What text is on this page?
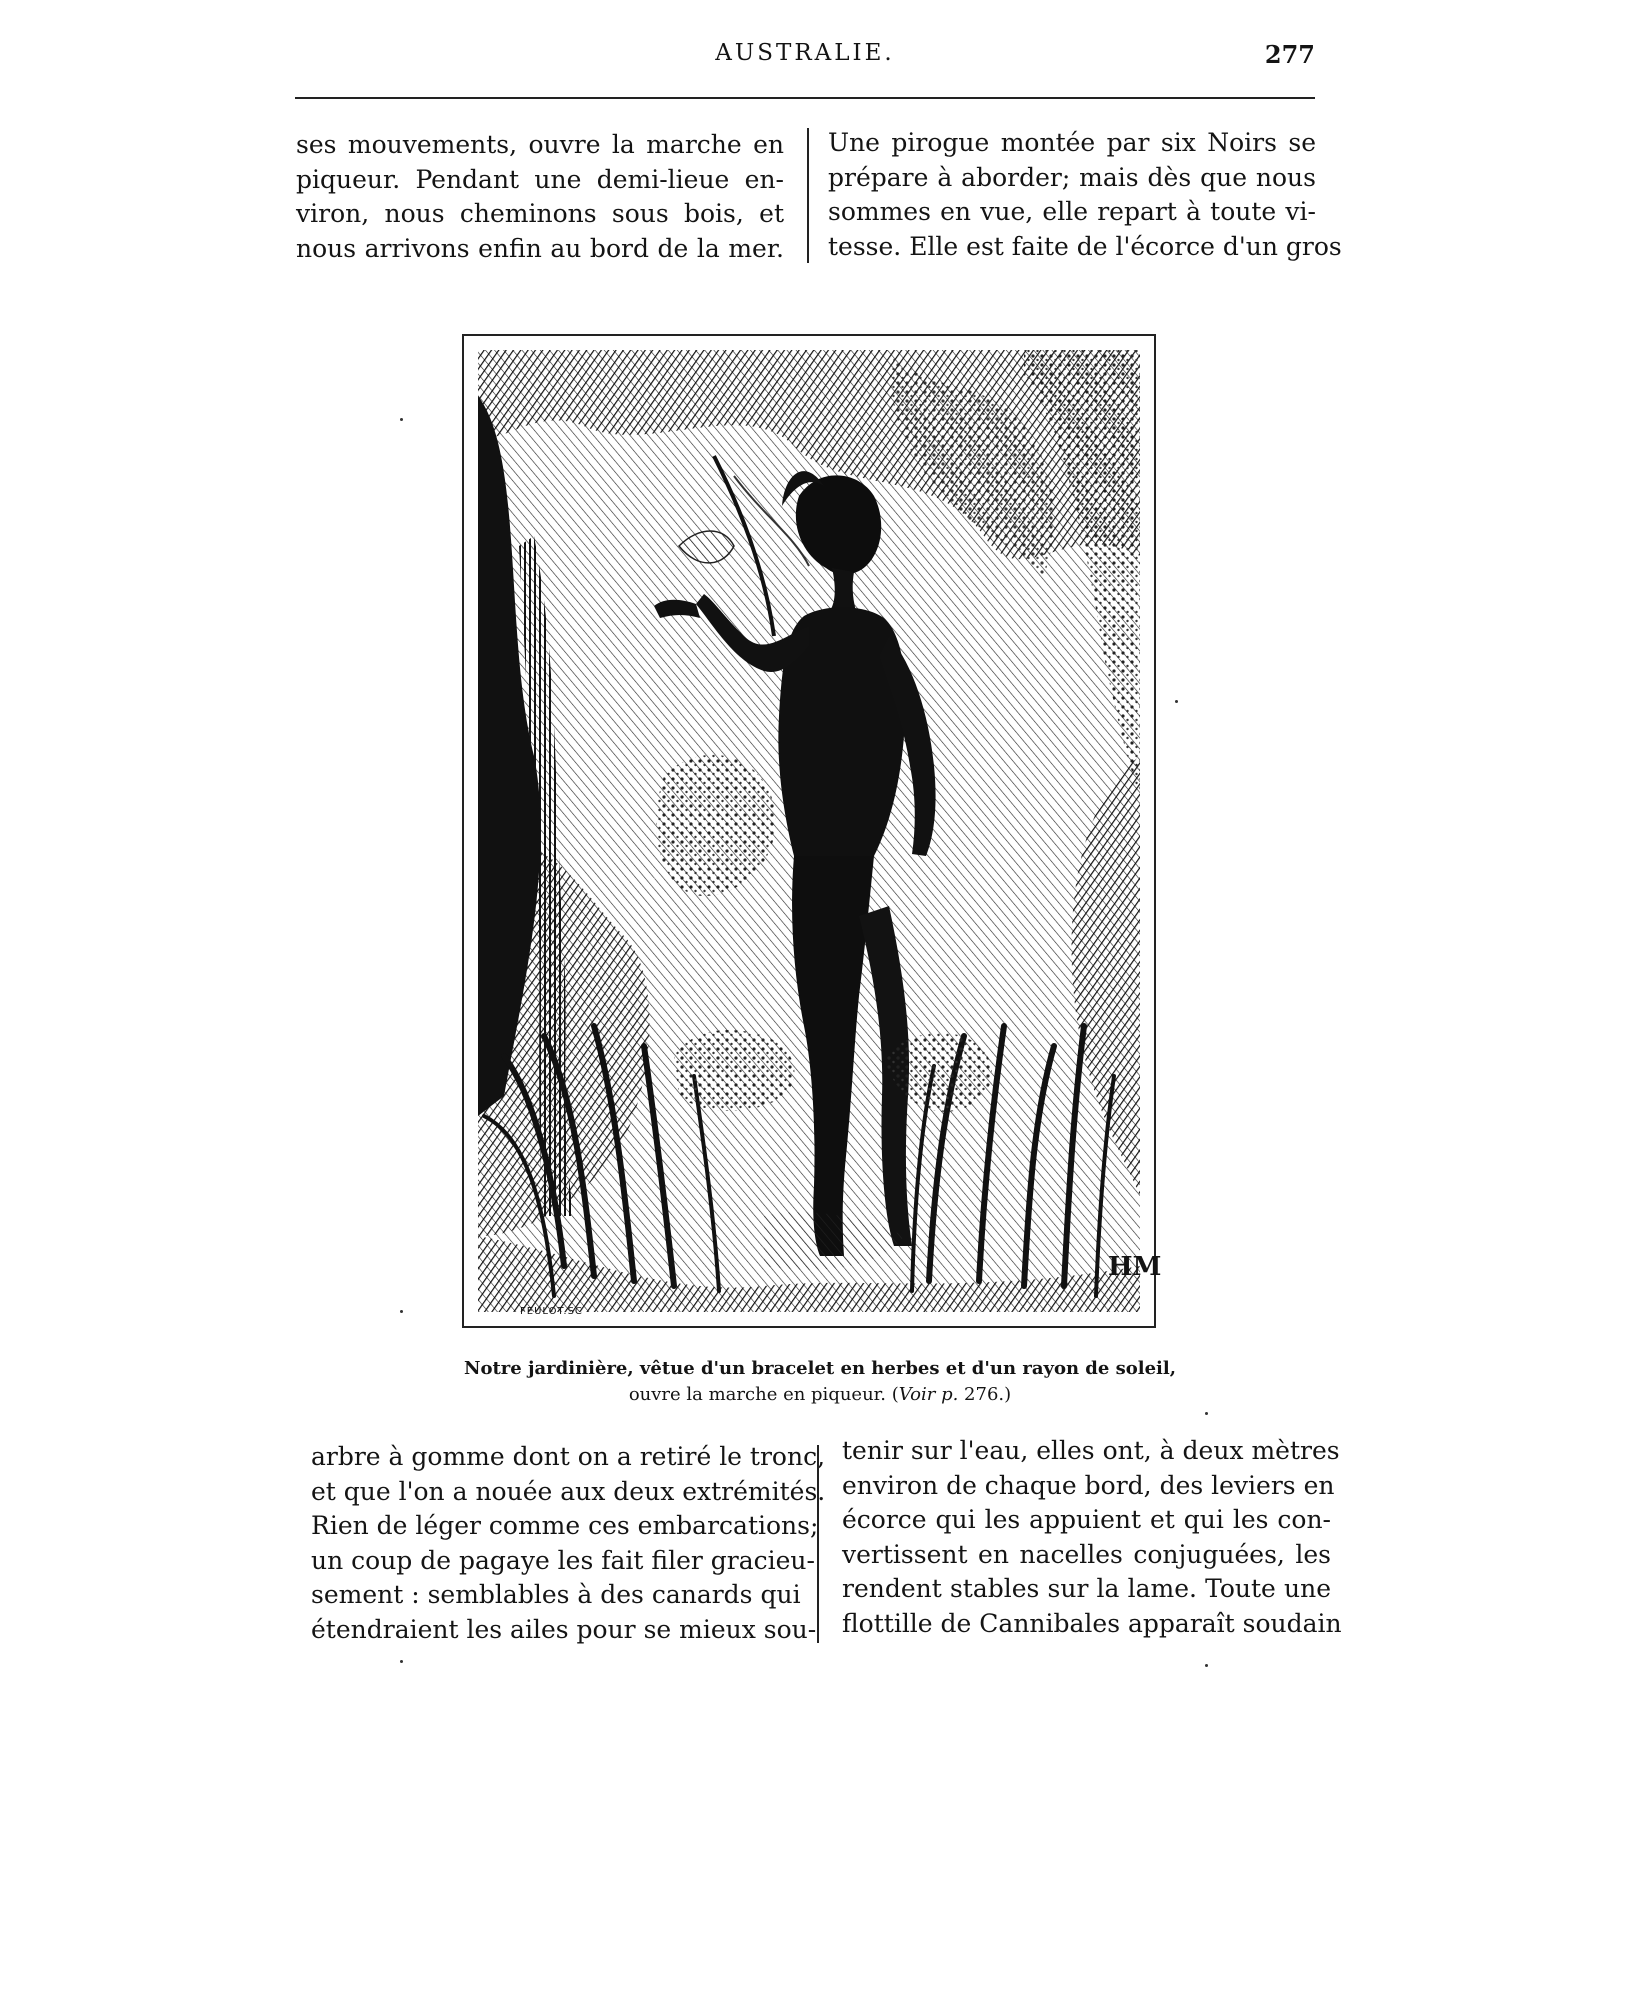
AUSTRALIE.	277
ses mouvements, ouvre la marche en
piqueur. Pendant une demi-lieue en-
viron, nous cheminons sous bois, et
nous arrivons enfin au bord de la mer.
Une pirogue montée par six Noirs se
prépare à aborder; mais dès que nous
sommes en vue, elle repart à toute vi-
tesse. Elle est faite de l'écorce d'un gros
FEULOT.SC
HM

Notre jardinière, vêtue d'un bracelet en herbes et d'un rayon de soleil,

ouvre la marche en piqueur. (Voir p. 276.)

arbre à gomme dont on a retiré le tronc,
et que l'on a nouée aux deux extrémités.
Rien de léger comme ces embarcations;
un coup de pagaye les fait filer gracieu-
sement : semblables à des canards qui
étendraient les ailes pour se mieux sou-
tenir sur l'eau, elles ont, à deux mètres
environ de chaque bord, des leviers en
écorce qui les appuient et qui les con-
vertissent en nacelles conjuguées, les
rendent stables sur la lame. Toute une
flottille de Cannibales apparaît soudain
